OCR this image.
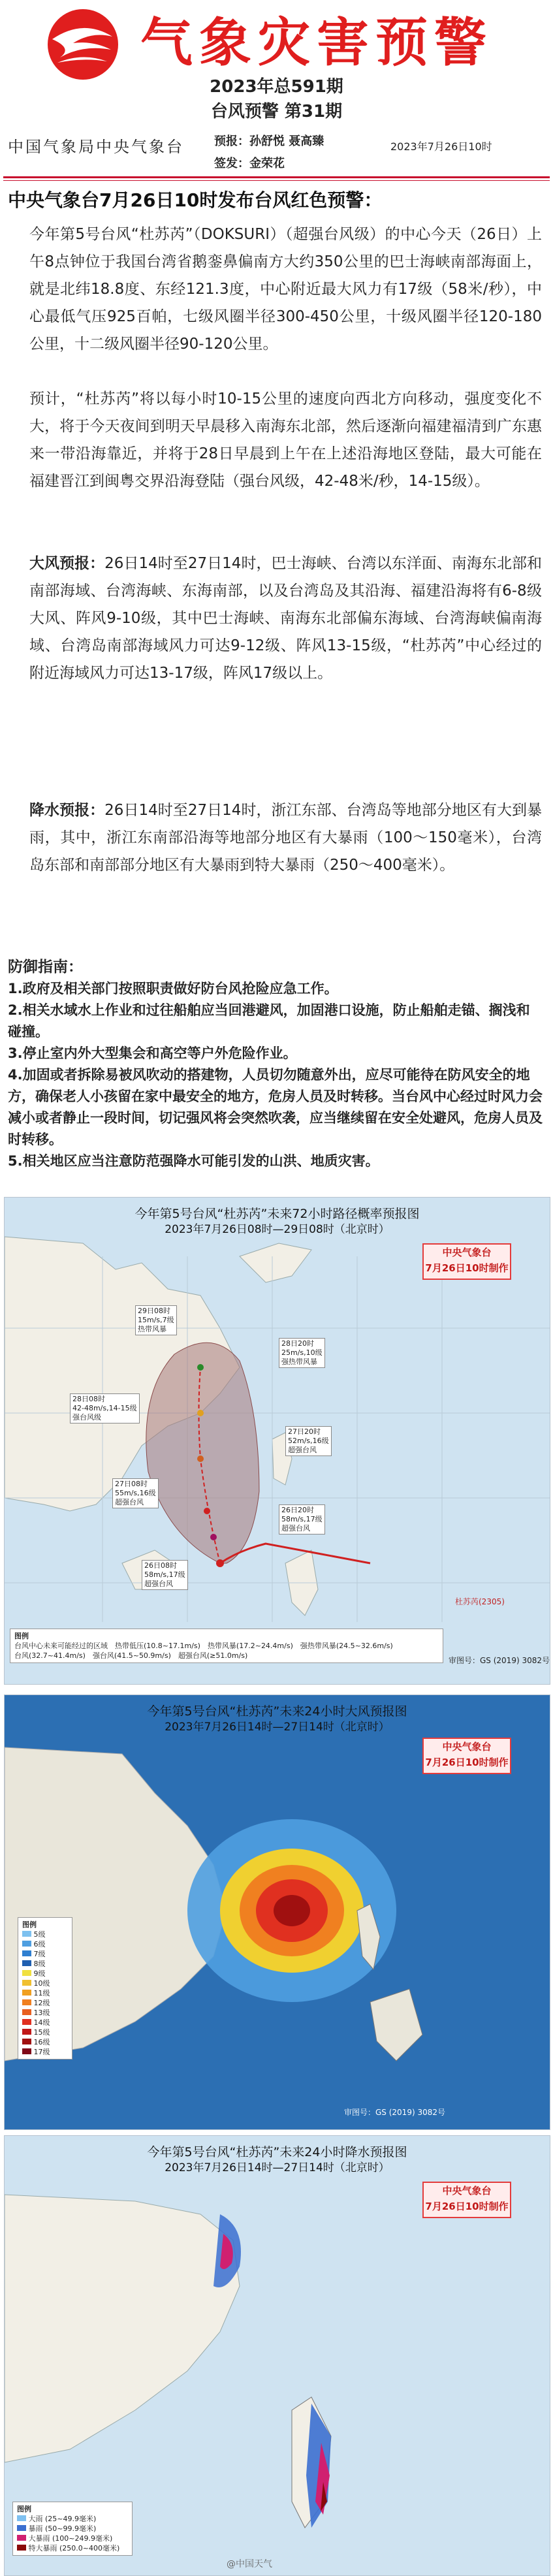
气象灾害预警
2023年总591期
台风预警 第31期
中国气象局中央气象台	预报：孙舒悦 聂高臻
签发：金荣花
2023年7月26日10时
中央气象台7月26日10时发布台风红色预警：
今年第5号台风“杜苏芮”（DOKSURI）（超强台风级）的中心今天（26日）上午8点钟位于我国台湾省鹅銮鼻偏南方大约350公里的巴士海峡南部海面上，就是北纬18.8度、东经121.3度，中心附近最大风力有17级（58米/秒），中心最低气压925百帕，七级风圈半径300-450公里，十级风圈半径120-180公里，十二级风圈半径90-120公里。
预计，“杜苏芮”将以每小时10-15公里的速度向西北方向移动，强度变化不大，将于今天夜间到明天早晨移入南海东北部，然后逐渐向福建福清到广东惠来一带沿海靠近，并将于28日早晨到上午在上述沿海地区登陆，最大可能在福建晋江到闽粤交界沿海登陆（强台风级，42-48米/秒，14-15级）。
大风预报：26日14时至27日14时，巴士海峡、台湾以东洋面、南海东北部和南部海域、台湾海峡、东海南部，以及台湾岛及其沿海、福建沿海将有6-8级大风、阵风9-10级，其中巴士海峡、南海东北部偏东海域、台湾海峡偏南海域、台湾岛南部海域风力可达9-12级、阵风13-15级，“杜苏芮”中心经过的附近海域风力可达13-17级，阵风17级以上。
降水预报：26日14时至27日14时，浙江东部、台湾岛等地部分地区有大到暴雨，其中，浙江东南部沿海等地部分地区有大暴雨（100～150毫米），台湾岛东部和南部部分地区有大暴雨到特大暴雨（250～400毫米）。
防御指南：
1.政府及相关部门按照职责做好防台风抢险应急工作。
2.相关水域水上作业和过往船舶应当回港避风，加固港口设施，防止船舶走锚、搁浅和碰撞。
3.停止室内外大型集会和高空等户外危险作业。
4.加固或者拆除易被风吹动的搭建物，人员切勿随意外出，应尽可能待在防风安全的地方，确保老人小孩留在家中最安全的地方，危房人员及时转移。当台风中心经过时风力会减小或者静止一段时间，切记强风将会突然吹袭，应当继续留在安全处避风，危房人员及时转移。
5.相关地区应当注意防范强降水可能引发的山洪、地质灾害。
今年第5号台风“杜苏芮”未来72小时路径概率预报图
2023年7月26日08时—29日08时（北京时）
中央气象台
7月26日10时制作
29日08时
15m/s,7级
热带风暴
28日20时
25m/s,10级
强热带风暴
28日08时
42-48m/s,14-15级
强台风级
27日20时
52m/s,16级
超强台风
27日08时
55m/s,16级
超强台风
26日20时
58m/s,17级
超强台风
26日08时
58m/s,17级
超强台风
杜苏芮(2305)
图例
台风中心未来可能经过的区域　 热带低压(10.8~17.1m/s)　 热带风暴(17.2~24.4m/s)　 强热带风暴(24.5~32.6m/s)
台风(32.7~41.4m/s)　 强台风(41.5~50.9m/s)　 超强台风(≥51.0m/s)
审图号：GS (2019) 3082号
今年第5号台风“杜苏芮”未来24小时大风预报图
2023年7月26日14时—27日14时（北京时）
中央气象台
7月26日10时制作
图例
5级
6级
7级
8级
9级
10级
11级
12级
13级
14级
15级
16级
17级
审图号：GS (2019) 3082号
今年第5号台风“杜苏芮”未来24小时降水预报图
2023年7月26日14时—27日14时（北京时）
中央气象台
7月26日10时制作
图例
大雨 (25~49.9毫米)
暴雨 (50~99.9毫米)
大暴雨 (100~249.9毫米)
特大暴雨 (250.0~400毫米)
@中国天气
